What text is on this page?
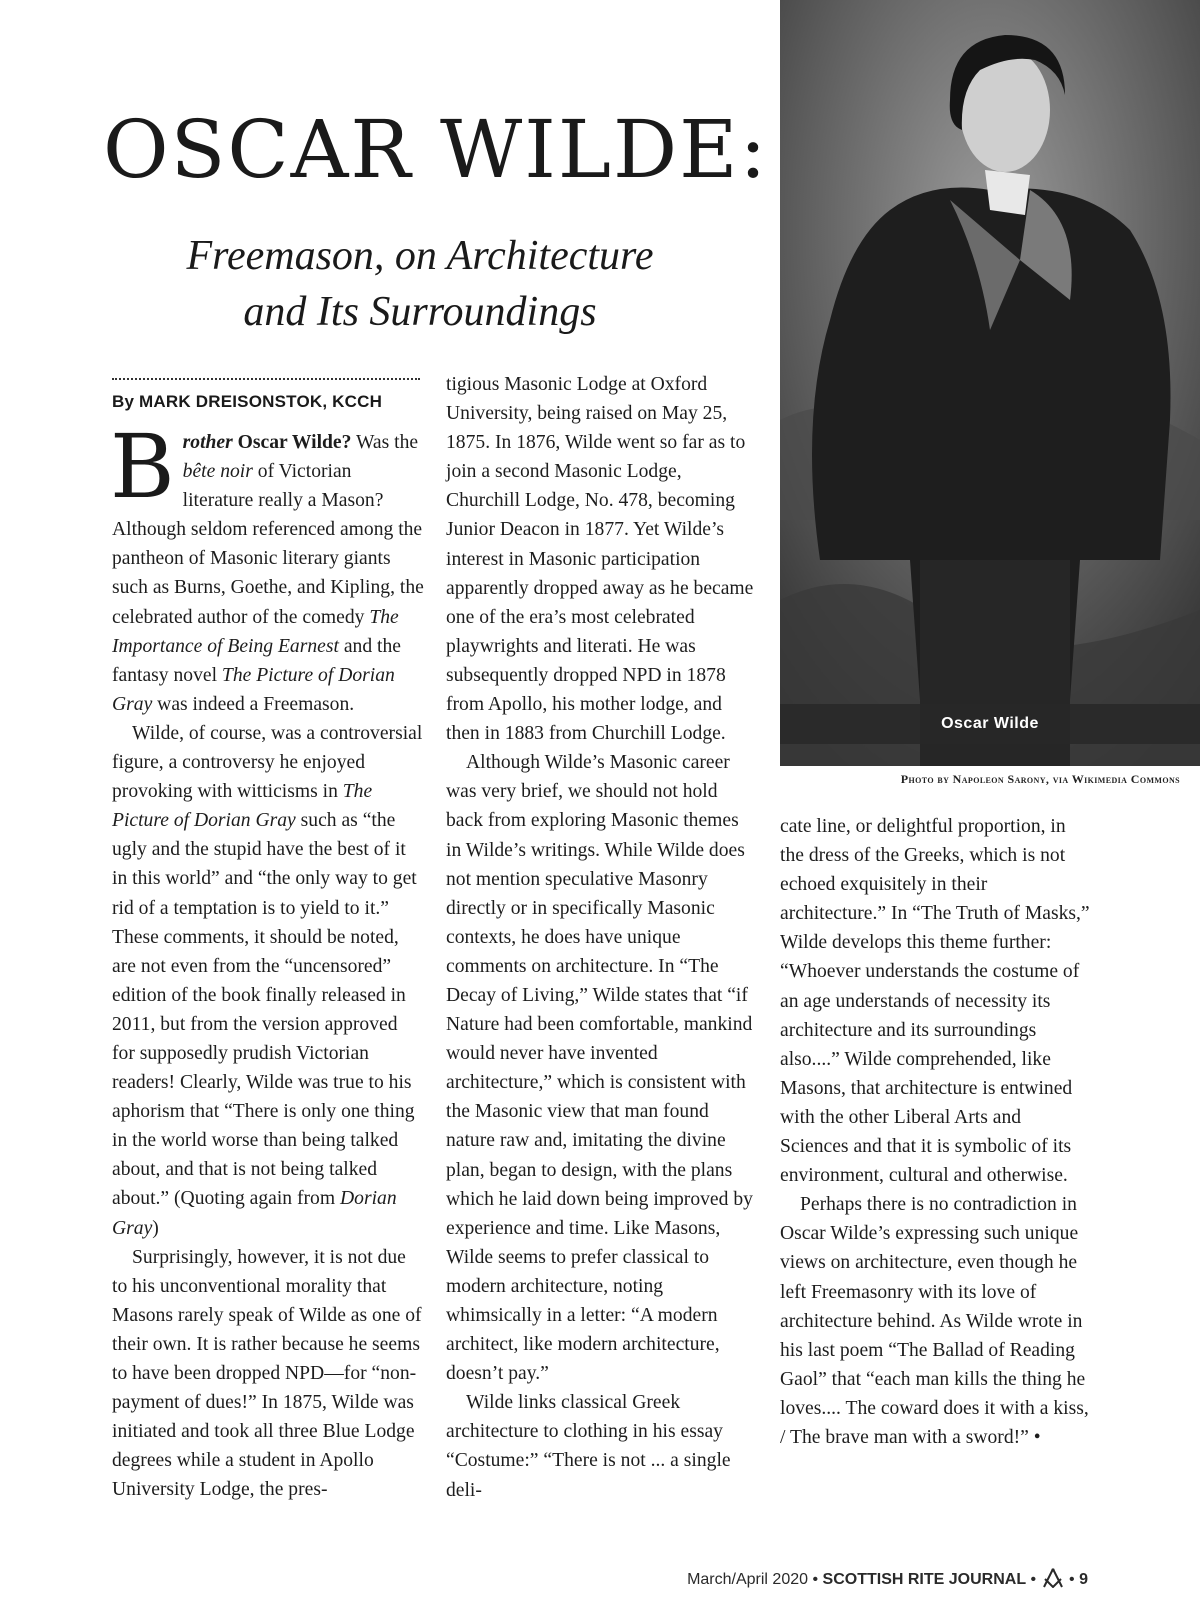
Oscar Wilde
Photo by Napoleon Sarony, via Wikimedia Commons
OSCAR WILDE:
Freemason, on Architecture
and Its Surroundings
By MARK DREISONSTOK, KCCH

Brother Oscar Wilde? Was the bête noir of Victorian literature really a Mason? Although seldom referenced among the pantheon of Masonic literary giants such as Burns, Goethe, and Kipling, the celebrated author of the comedy The Importance of Being Earnest and the fantasy novel The Picture of Dorian Gray was indeed a Freemason.

Wilde, of course, was a controversial figure, a controversy he enjoyed provoking with witticisms in The Picture of Dorian Gray such as “the ugly and the stupid have the best of it in this world” and “the only way to get rid of a temptation is to yield to it.” These comments, it should be noted, are not even from the “uncensored” edition of the book finally released in 2011, but from the version approved for supposedly prudish Victorian readers! Clearly, Wilde was true to his aphorism that “There is only one thing in the world worse than being talked about, and that is not being talked about.” (Quoting again from Dorian Gray)

Surprisingly, however, it is not due to his unconventional morality that Masons rarely speak of Wilde as one of their own. It is rather because he seems to have been dropped NPD—for “non-payment of dues!” In 1875, Wilde was initiated and took all three Blue Lodge degrees while a student in Apollo University Lodge, the pres-

tigious Masonic Lodge at Oxford University, being raised on May 25, 1875. In 1876, Wilde went so far as to join a second Masonic Lodge, Churchill Lodge, No. 478, becoming Junior Deacon in 1877. Yet Wilde’s interest in Masonic participation apparently dropped away as he became one of the era’s most celebrated playwrights and literati. He was subsequently dropped NPD in 1878 from Apollo, his mother lodge, and then in 1883 from Churchill Lodge.

Although Wilde’s Masonic career was very brief, we should not hold back from exploring Masonic themes in Wilde’s writings. While Wilde does not mention speculative Masonry directly or in specifically Masonic contexts, he does have unique comments on architecture. In “The Decay of Living,” Wilde states that “if Nature had been comfortable, mankind would never have invented architecture,” which is consistent with the Masonic view that man found nature raw and, imitating the divine plan, began to design, with the plans which he laid down being improved by experience and time. Like Masons, Wilde seems to prefer classical to modern architecture, noting whimsically in a letter: “A modern architect, like modern architecture, doesn’t pay.”

Wilde links classical Greek architecture to clothing in his essay “Costume:” “There is not ... a single deli-

cate line, or delightful proportion, in the dress of the Greeks, which is not echoed exquisitely in their architecture.” In “The Truth of Masks,” Wilde develops this theme further: “Whoever understands the costume of an age understands of necessity its architecture and its surroundings also....” Wilde comprehended, like Masons, that architecture is entwined with the other Liberal Arts and Sciences and that it is symbolic of its environment, cultural and otherwise.

Perhaps there is no contradiction in Oscar Wilde’s expressing such unique views on architecture, even though he left Freemasonry with its love of architecture behind. As Wilde wrote in his last poem “The Ballad of Reading Gaol” that “each man kills the thing he loves.... The coward does it with a kiss, / The brave man with a sword!” •

March/April 2020 • SCOTTISH RITE JOURNAL •  • 9
